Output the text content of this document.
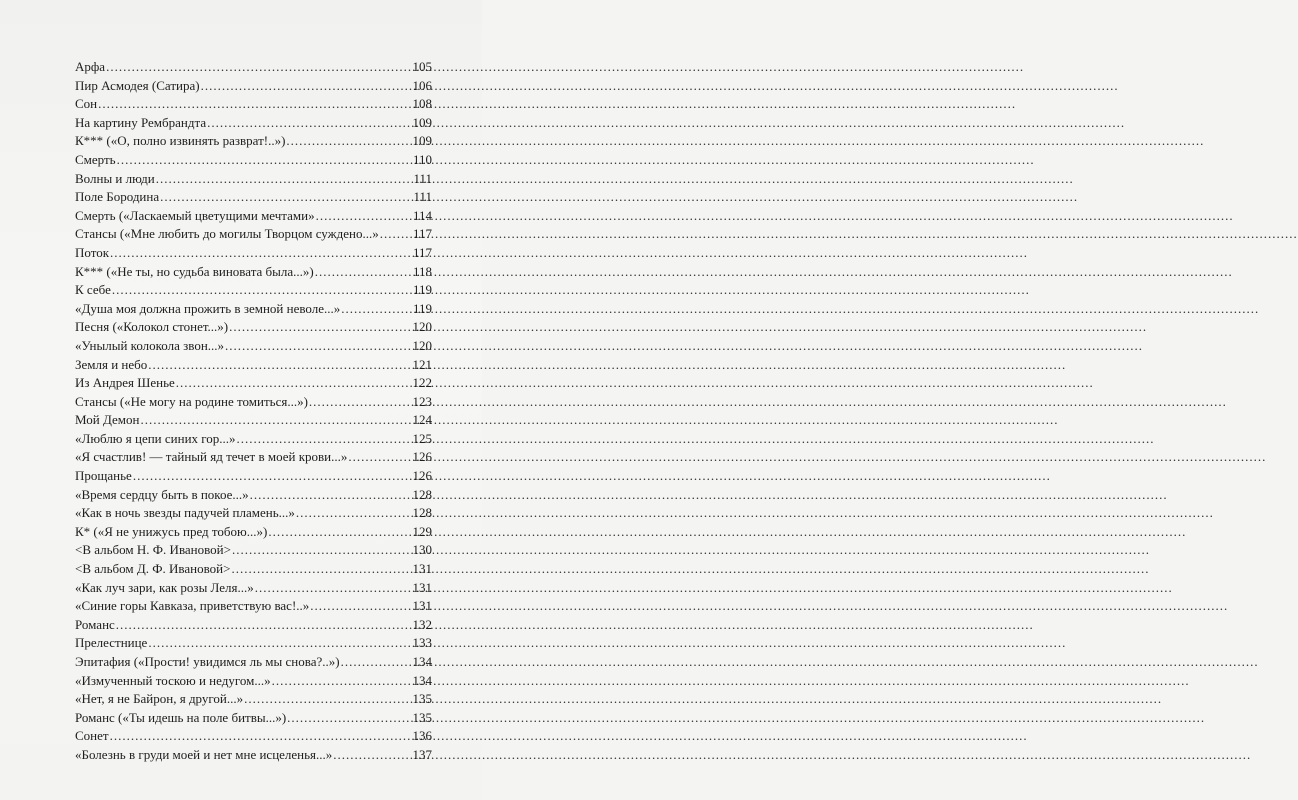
Арфа .....	105
Пир Асмодея (Сатира) .....	106
Сон .....	108
На картину Рембрандта .....	109
К*** («О, полно извинять разврат!..») .....	109
Смерть .....	110
Волны и люди .....	111
Поле Бородина .....	111
Смерть («Ласкаемый цветущими мечтами» .....	114
Стансы («Мне любить до могилы Творцом суждено...» .....	117
Поток .....	117
К*** («Не ты, но судьба виновата была...») .....	118
К себе .....	119
«Душа моя должна прожить в земной неволе...» .....	119
Песня («Колокол стонет...») .....	120
«Унылый колокола звон...» .....	120
Земля и небо .....	121
Из Андрея Шенье .....	122
Стансы («Не могу на родине томиться...») .....	123
Мой Демон .....	124
«Люблю я цепи синих гор...» .....	125
«Я счастлив! — тайный яд течет в моей крови...» .....	126
Прощанье .....	126
«Время сердцу быть в покое...» .....	128
«Как в ночь звезды падучей пламень...» .....	128
К* («Я не унижусь пред тобою...») .....	129
<В альбом Н. Ф. Ивановой> .....	130
<В альбом Д. Ф. Ивановой> .....	131
«Как луч зари, как розы Леля...» .....	131
«Синие горы Кавказа, приветствую вас!..» .....	131
Романс .....	132
Прелестнице .....	133
Эпитафия («Прости! увидимся ль мы снова?..») .....	134
«Измученный тоскою и недугом...» .....	134
«Нет, я не Байрон, я другой...» .....	135
Романс («Ты идешь на поле битвы...») .....	135
Сонет .....	136
«Болезнь в груди моей и нет мне исцеленья...» .....	137
